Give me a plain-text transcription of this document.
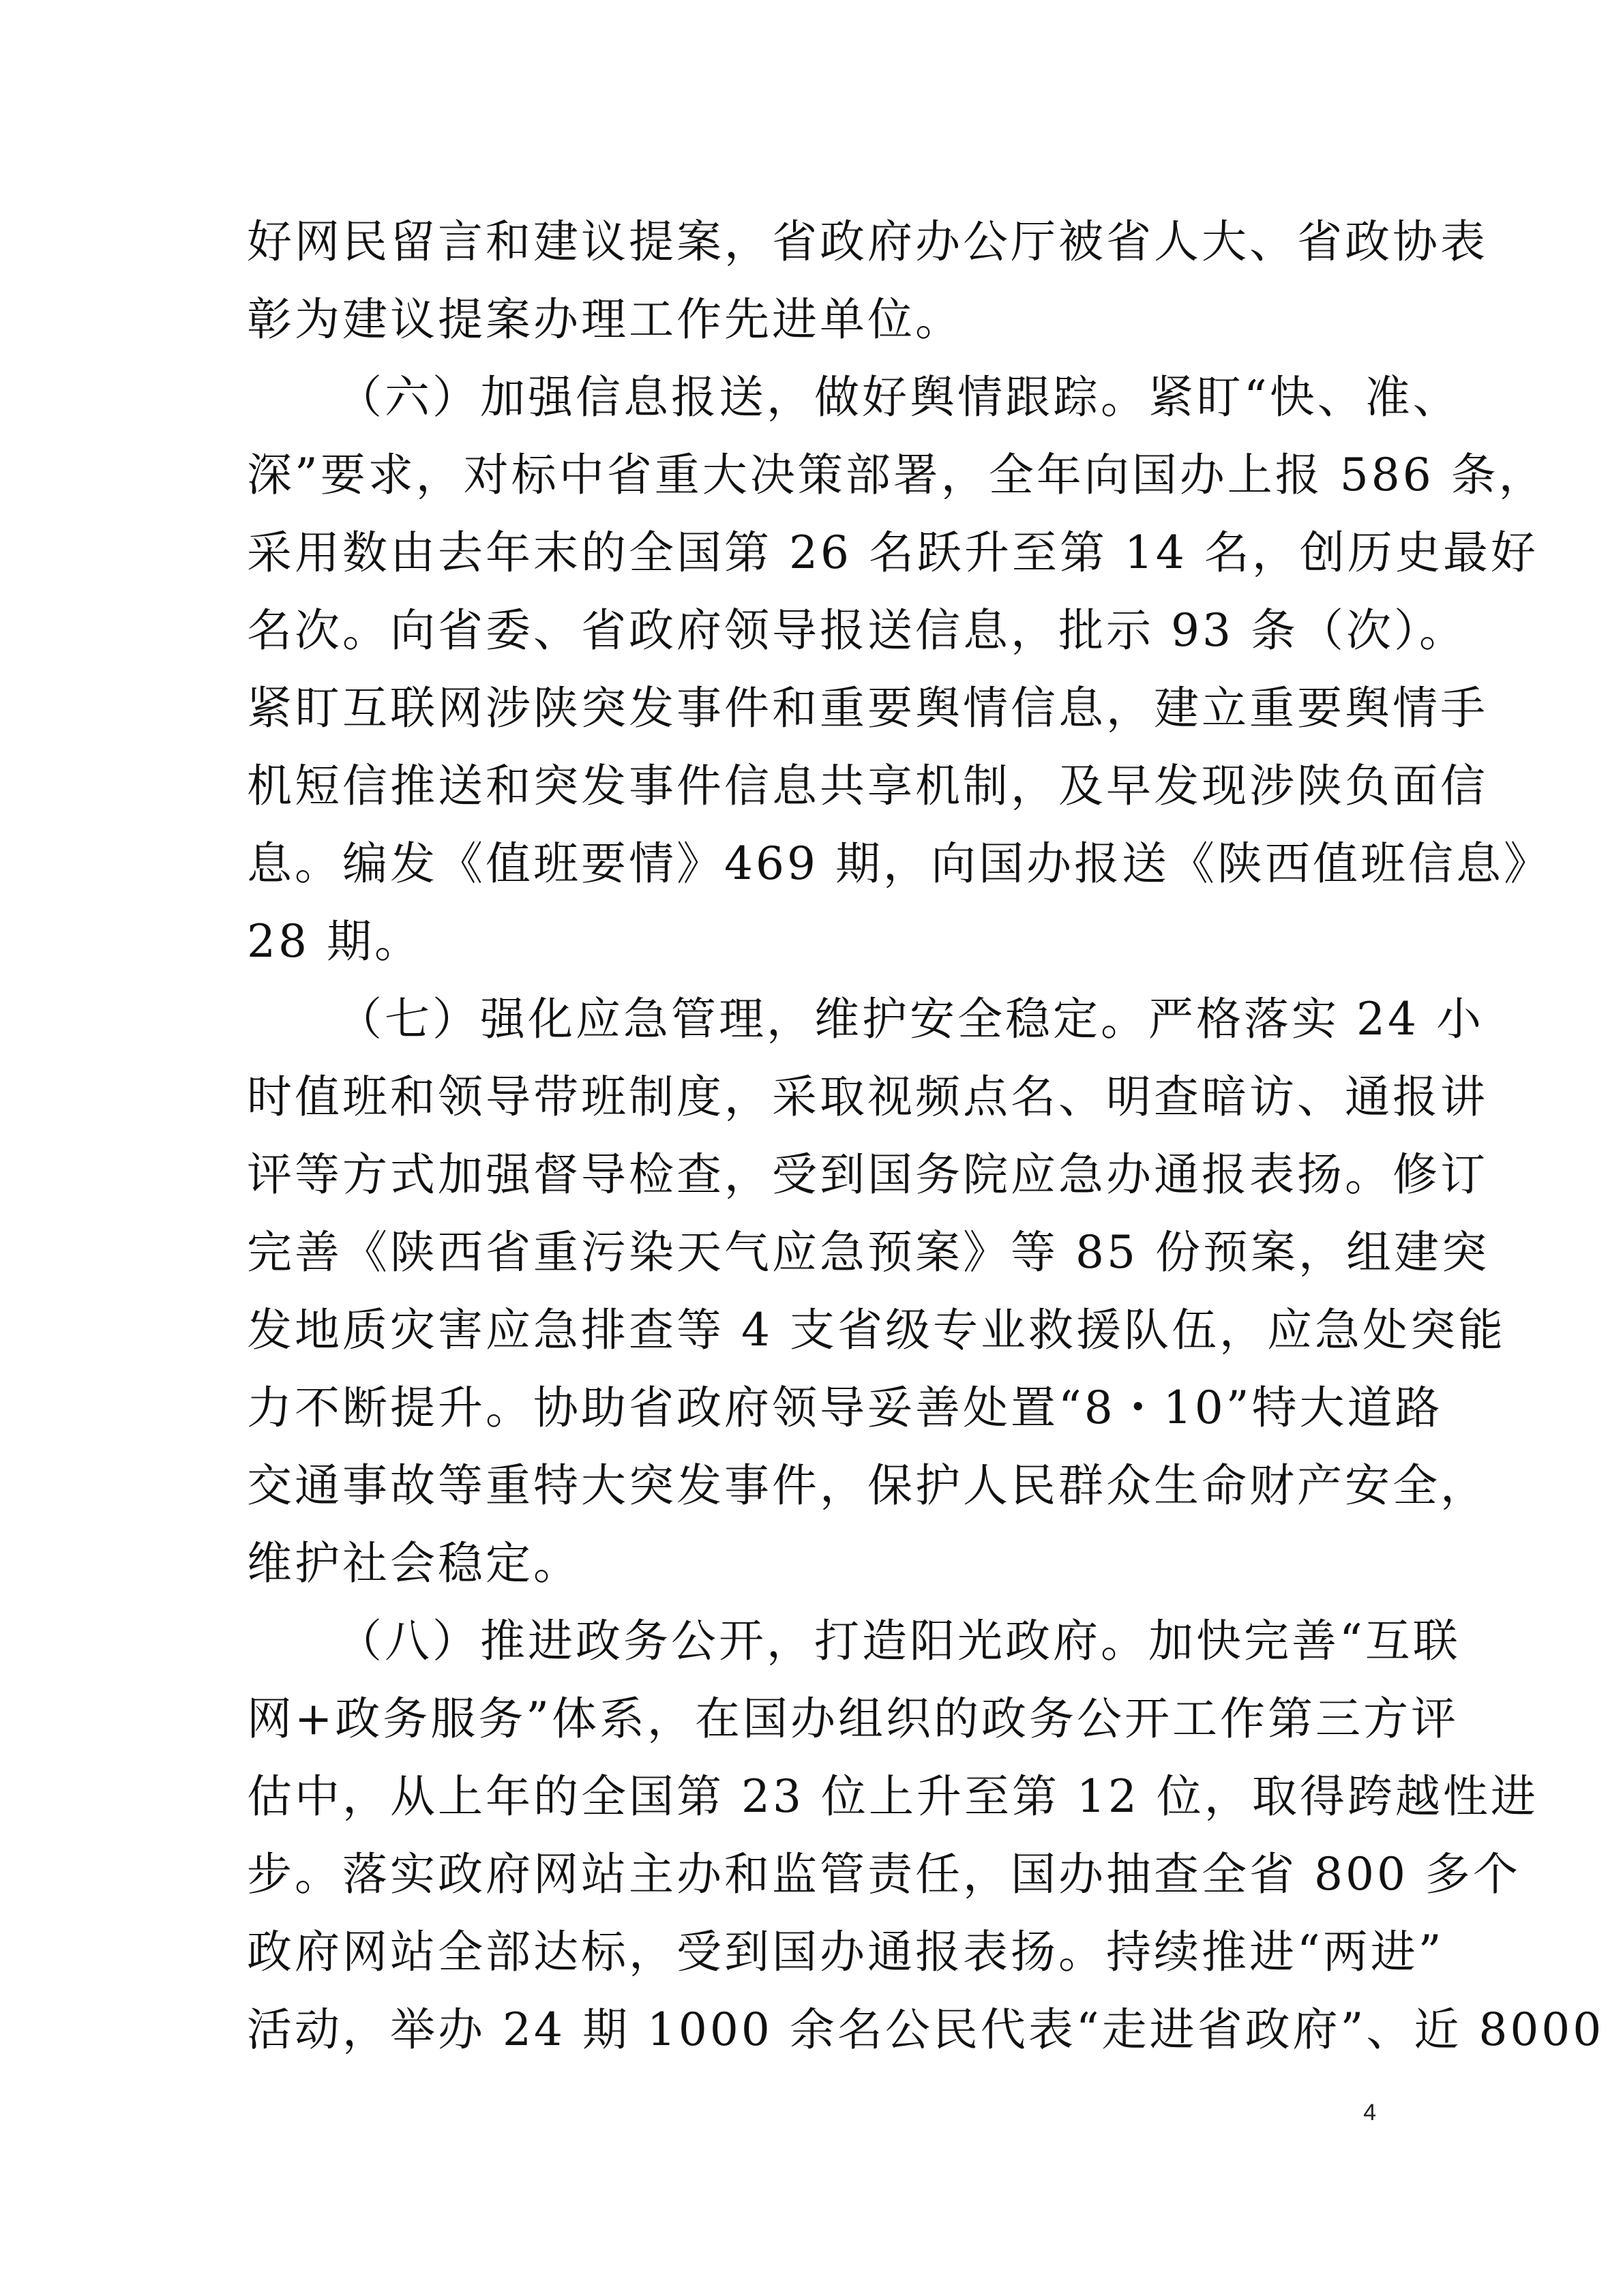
好网民留言和建议提案，省政府办公厅被省人大、省政协表
彰为建议提案办理工作先进单位。
（六）加强信息报送，做好舆情跟踪。紧盯“快、准、
深”要求，对标中省重大决策部署，全年向国办上报 586 条，
采用数由去年末的全国第 26 名跃升至第 14 名，创历史最好
名次。向省委、省政府领导报送信息，批示 93 条（次）。
紧盯互联网涉陕突发事件和重要舆情信息，建立重要舆情手
机短信推送和突发事件信息共享机制，及早发现涉陕负面信
息。编发《值班要情》469 期，向国办报送《陕西值班信息》
28 期。
（七）强化应急管理，维护安全稳定。严格落实 24 小
时值班和领导带班制度，采取视频点名、明查暗访、通报讲
评等方式加强督导检查，受到国务院应急办通报表扬。修订
完善《陕西省重污染天气应急预案》等 85 份预案，组建突
发地质灾害应急排查等 4 支省级专业救援队伍，应急处突能
力不断提升。协助省政府领导妥善处置“8・10”特大道路
交通事故等重特大突发事件，保护人民群众生命财产安全，
维护社会稳定。
（八）推进政务公开，打造阳光政府。加快完善“互联
网+政务服务”体系，在国办组织的政务公开工作第三方评
估中，从上年的全国第 23 位上升至第 12 位，取得跨越性进
步。落实政府网站主办和监管责任，国办抽查全省 800 多个
政府网站全部达标，受到国办通报表扬。持续推进“两进”
活动，举办 24 期 1000 余名公民代表“走进省政府”、近 8000
4
